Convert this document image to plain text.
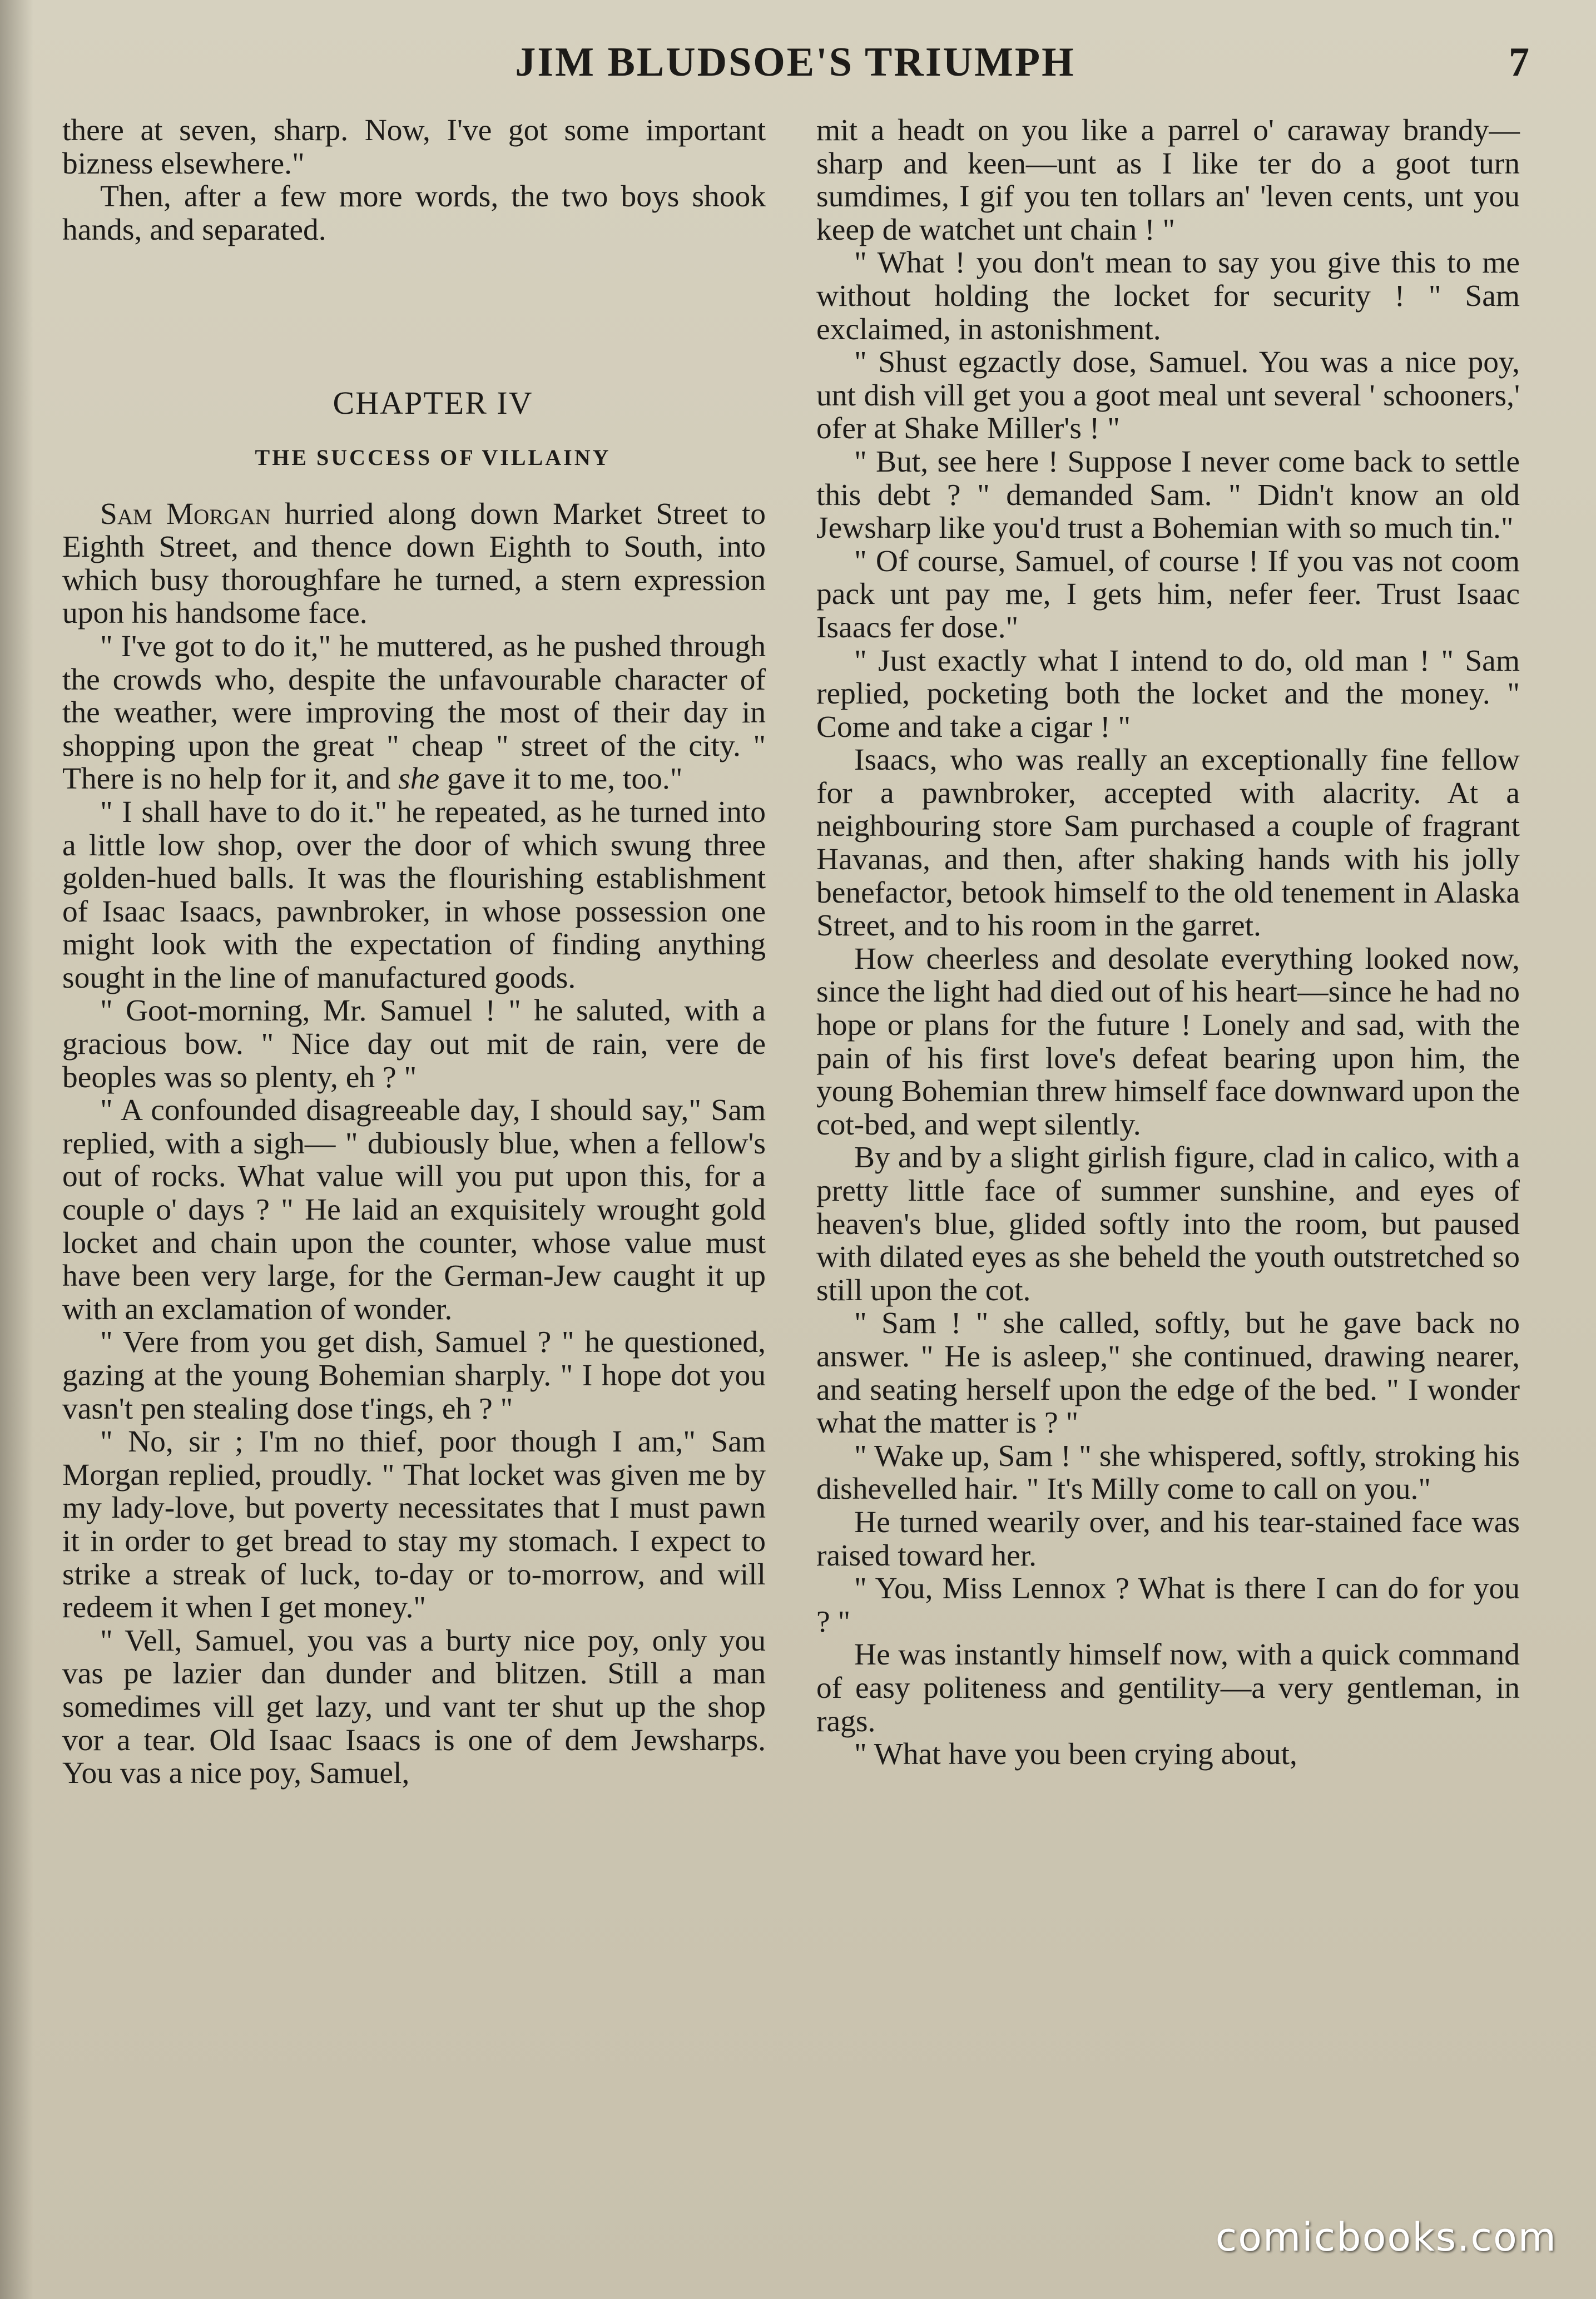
JIM BLUDSOE'S TRIUMPH	7

there at seven, sharp. Now, I've got some important bizness elsewhere."

Then, after a few more words, the two boys shook hands, and separated.

CHAPTER IV

THE SUCCESS OF VILLAINY

Sam Morgan hurried along down Market Street to Eighth Street, and thence down Eighth to South, into which busy thoroughfare he turned, a stern expression upon his handsome face.

" I've got to do it," he muttered, as he pushed through the crowds who, despite the unfavourable character of the weather, were improving the most of their day in shopping upon the great " cheap " street of the city. " There is no help for it, and she gave it to me, too."

" I shall have to do it." he repeated, as he turned into a little low shop, over the door of which swung three golden-hued balls. It was the flourishing establishment of Isaac Isaacs, pawnbroker, in whose possession one might look with the expectation of finding anything sought in the line of manufactured goods.

" Goot-morning, Mr. Samuel ! " he saluted, with a gracious bow. " Nice day out mit de rain, vere de beoples was so plenty, eh ? "

" A confounded disagreeable day, I should say," Sam replied, with a sigh— " dubiously blue, when a fellow's out of rocks. What value will you put upon this, for a couple o' days ? " He laid an exquisitely wrought gold locket and chain upon the counter, whose value must have been very large, for the German-Jew caught it up with an exclamation of wonder.

" Vere from you get dish, Samuel ? " he questioned, gazing at the young Bohemian sharply. " I hope dot you vasn't pen stealing dose t'ings, eh ? "

" No, sir ; I'm no thief, poor though I am," Sam Morgan replied, proudly. " That locket was given me by my lady-love, but poverty necessitates that I must pawn it in order to get bread to stay my stomach. I expect to strike a streak of luck, to-day or to-morrow, and will redeem it when I get money."

" Vell, Samuel, you vas a burty nice poy, only you vas pe lazier dan dunder and blitzen. Still a man somedimes vill get lazy, und vant ter shut up the shop vor a tear. Old Isaac Isaacs is one of dem Jewsharps. You vas a nice poy, Samuel,

mit a headt on you like a parrel o' caraway brandy—sharp and keen—unt as I like ter do a goot turn sumdimes, I gif you ten tollars an' 'leven cents, unt you keep de watchet unt chain ! "

" What ! you don't mean to say you give this to me without holding the locket for security ! " Sam exclaimed, in astonishment.

" Shust egzactly dose, Samuel. You was a nice poy, unt dish vill get you a goot meal unt several ' schooners,' ofer at Shake Miller's ! "

" But, see here ! Suppose I never come back to settle this debt ? " demanded Sam. " Didn't know an old Jewsharp like you'd trust a Bohemian with so much tin."

" Of course, Samuel, of course ! If you vas not coom pack unt pay me, I gets him, nefer feer. Trust Isaac Isaacs fer dose."

" Just exactly what I intend to do, old man ! " Sam replied, pocketing both the locket and the money. " Come and take a cigar ! "

Isaacs, who was really an exceptionally fine fellow for a pawnbroker, accepted with alacrity. At a neighbouring store Sam purchased a couple of fragrant Havanas, and then, after shaking hands with his jolly benefactor, betook himself to the old tenement in Alaska Street, and to his room in the garret.

How cheerless and desolate everything looked now, since the light had died out of his heart—since he had no hope or plans for the future ! Lonely and sad, with the pain of his first love's defeat bearing upon him, the young Bohemian threw himself face downward upon the cot-bed, and wept silently.

By and by a slight girlish figure, clad in calico, with a pretty little face of summer sunshine, and eyes of heaven's blue, glided softly into the room, but paused with dilated eyes as she beheld the youth outstretched so still upon the cot.

" Sam ! " she called, softly, but he gave back no answer. " He is asleep," she continued, drawing nearer, and seating herself upon the edge of the bed. " I wonder what the matter is ? "

" Wake up, Sam ! " she whispered, softly, stroking his dishevelled hair. " It's Milly come to call on you."

He turned wearily over, and his tear-stained face was raised toward her.

" You, Miss Lennox ? What is there I can do for you ? "

He was instantly himself now, with a quick command of easy politeness and gentility—a very gentleman, in rags.

" What have you been crying about,

comicbooks.com
